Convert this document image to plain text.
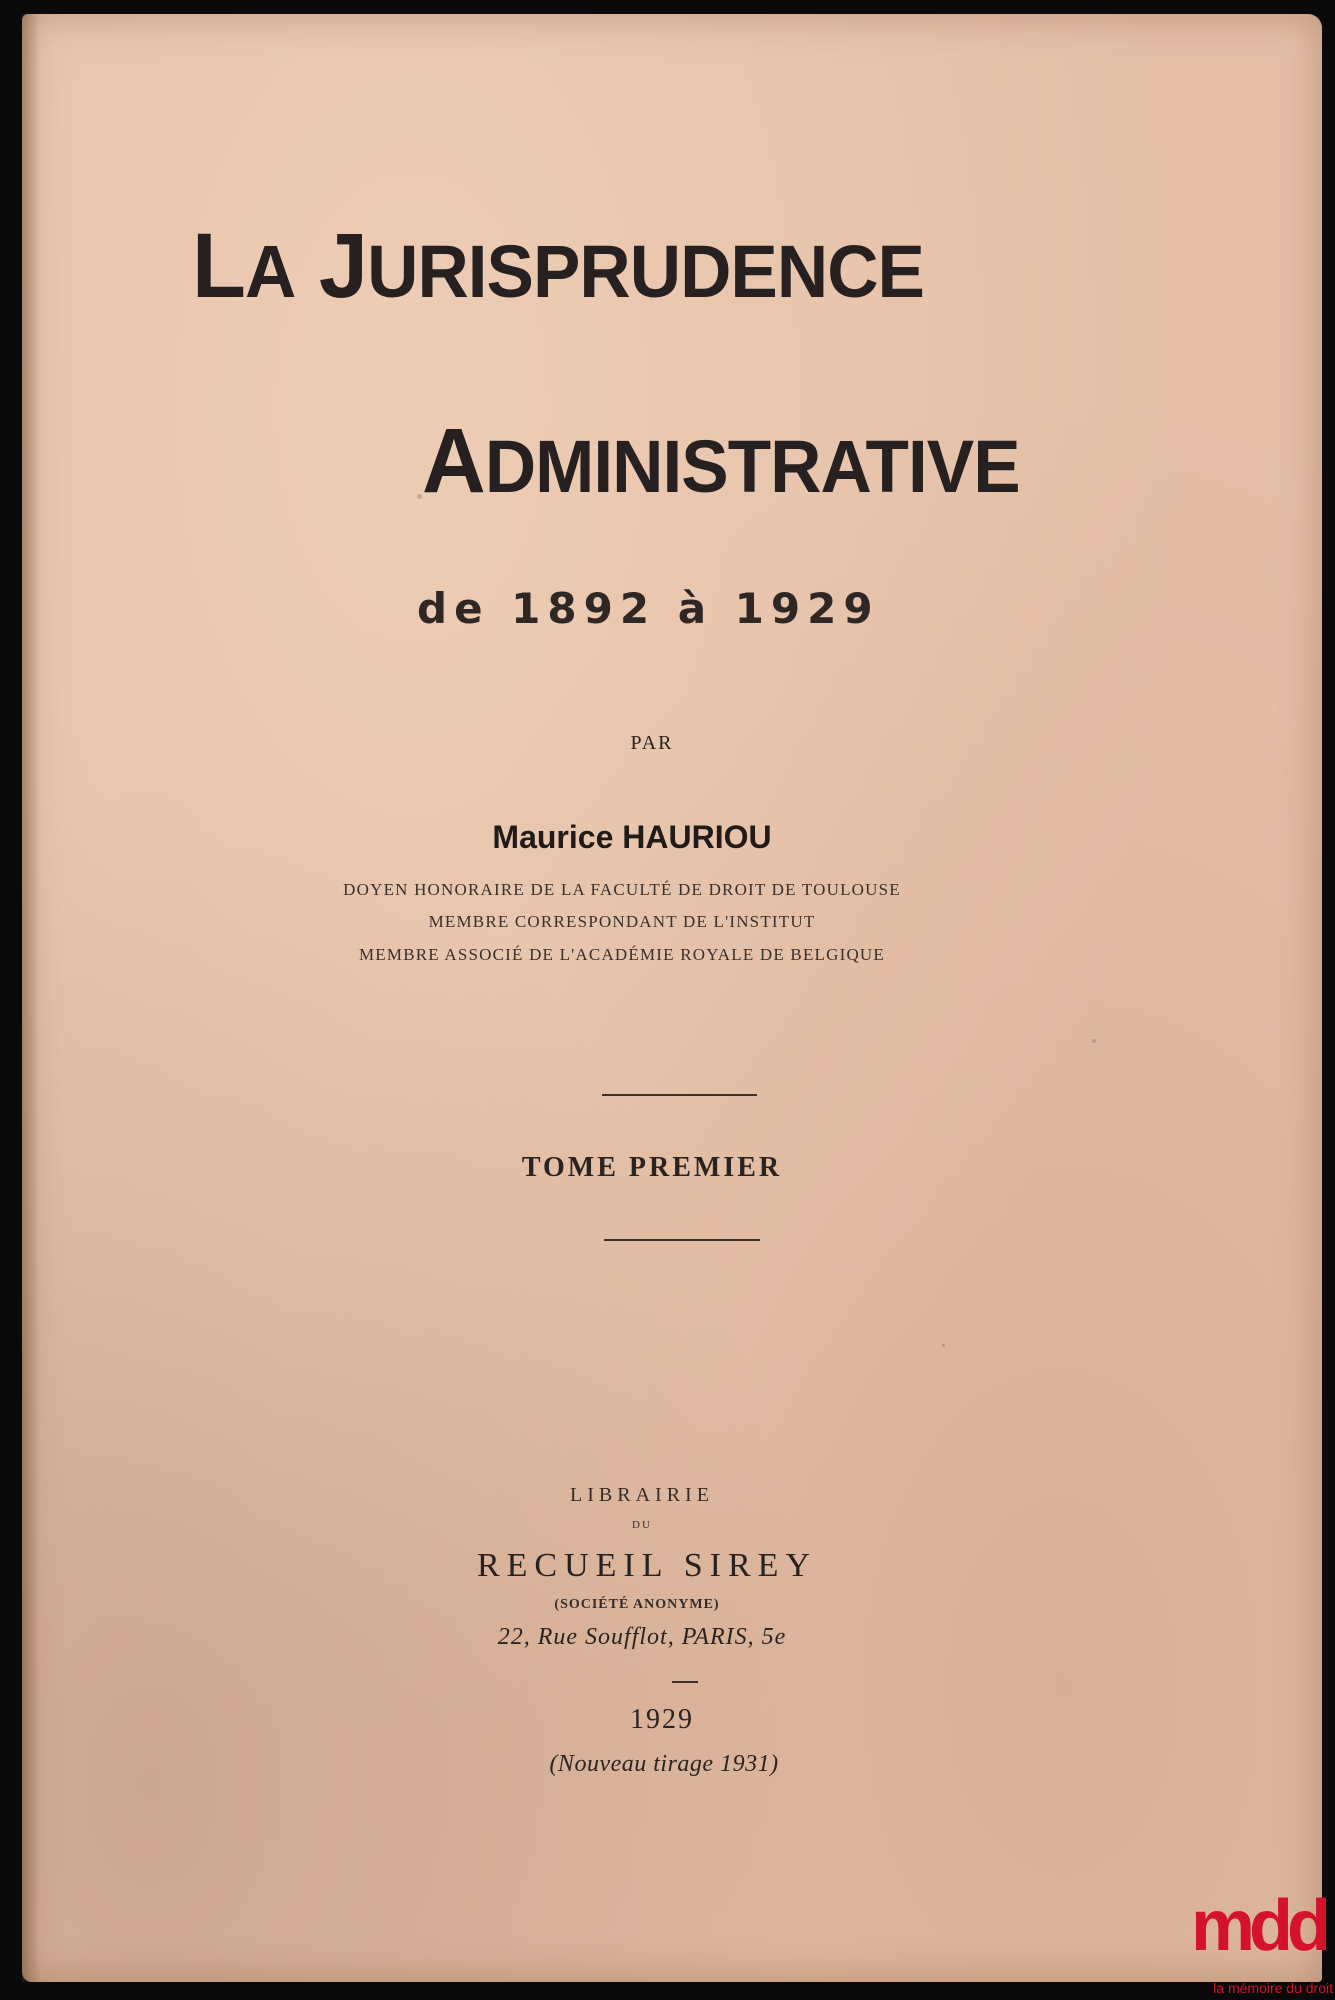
LA JURISPRUDENCE
ADMINISTRATIVE
de 1892 à 1929
PAR
Maurice HAURIOU
DOYEN HONORAIRE DE LA FACULTÉ DE DROIT DE TOULOUSE
MEMBRE CORRESPONDANT DE L'INSTITUT
MEMBRE ASSOCIÉ DE L'ACADÉMIE ROYALE DE BELGIQUE
TOME PREMIER
LIBRAIRIE
DU
RECUEIL SIREY
(SOCIÉTÉ ANONYME)
22, Rue Soufflot, PARIS, 5e
1929
(Nouveau tirage 1931)
mdd
la mémoire du droit
